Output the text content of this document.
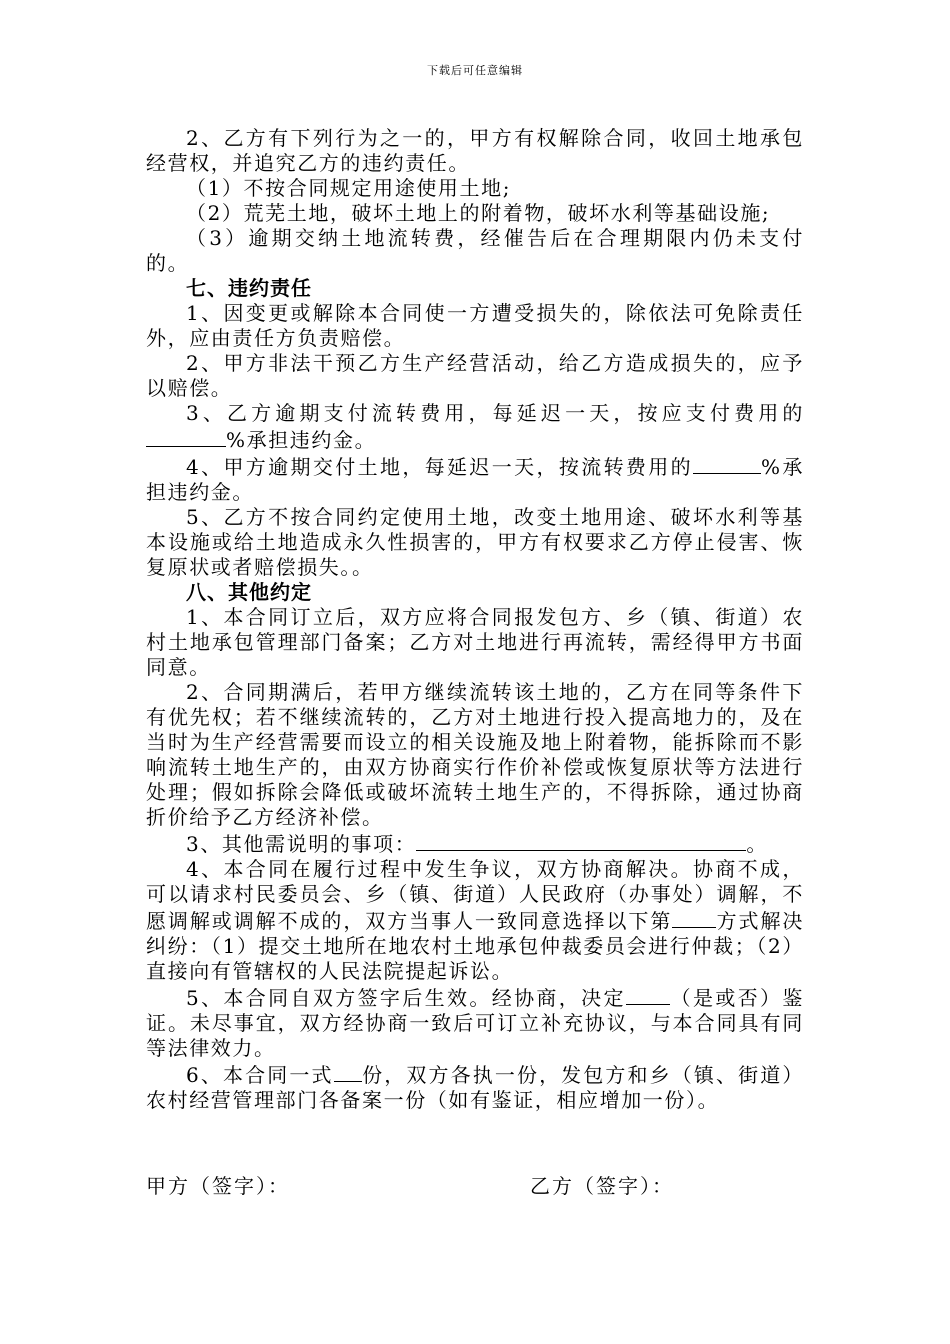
下载后可任意编辑

2、乙方有下列行为之一的，甲方有权解除合同，收回土地承包经营权，并追究乙方的违约责任。

（1）不按合同规定用途使用土地;

（2）荒芜土地，破坏土地上的附着物，破坏水利等基础设施;

（3）逾期交纳土地流转费，经催告后在合理期限内仍未支付的。

七、违约责任

1、因变更或解除本合同使一方遭受损失的，除依法可免除责任外，应由责任方负责赔偿。

2、甲方非法干预乙方生产经营活动，给乙方造成损失的，应予以赔偿。

3、乙方逾期支付流转费用，每延迟一天，按应支付费用的%承担违约金。

4、甲方逾期交付土地，每延迟一天，按流转费用的	%承担违约金。

5、乙方不按合同约定使用土地，改变土地用途、破坏水利等基本设施或给土地造成永久性损害的，甲方有权要求乙方停止侵害、恢复原状或者赔偿损失。。

八、其他约定

1、本合同订立后，双方应将合同报发包方、乡（镇、街道）农村土地承包管理部门备案；乙方对土地进行再流转，需经得甲方书面同意。

2、合同期满后，若甲方继续流转该土地的，乙方在同等条件下有优先权；若不继续流转的，乙方对土地进行投入提高地力的，及在当时为生产经营需要而设立的相关设施及地上附着物，能拆除而不影响流转土地生产的，由双方协商实行作价补偿或恢复原状等方法进行处理；假如拆除会降低或破坏流转土地生产的，不得拆除，通过协商折价给予乙方经济补偿。

3、其他需说明的事项：	。

4、本合同在履行过程中发生争议，双方协商解决。协商不成，可以请求村民委员会、乡（镇、街道）人民政府（办事处）调解，不愿调解或调解不成的，双方当事人一致同意选择以下第 方式解决纠纷：（1）提交土地所在地农村土地承包仲裁委员会进行仲裁；（2）直接向有管辖权的人民法院提起诉讼。

5、本合同自双方签字后生效。经协商，决定 （是或否）鉴证。未尽事宜，双方经协商一致后可订立补充协议，与本合同具有同等法律效力。

6、本合同一式 份，双方各执一份，发包方和乡（镇、街道）农村经营管理部门各备案一份（如有鉴证，相应增加一份）。

甲方（签字）：	乙方（签字）：
